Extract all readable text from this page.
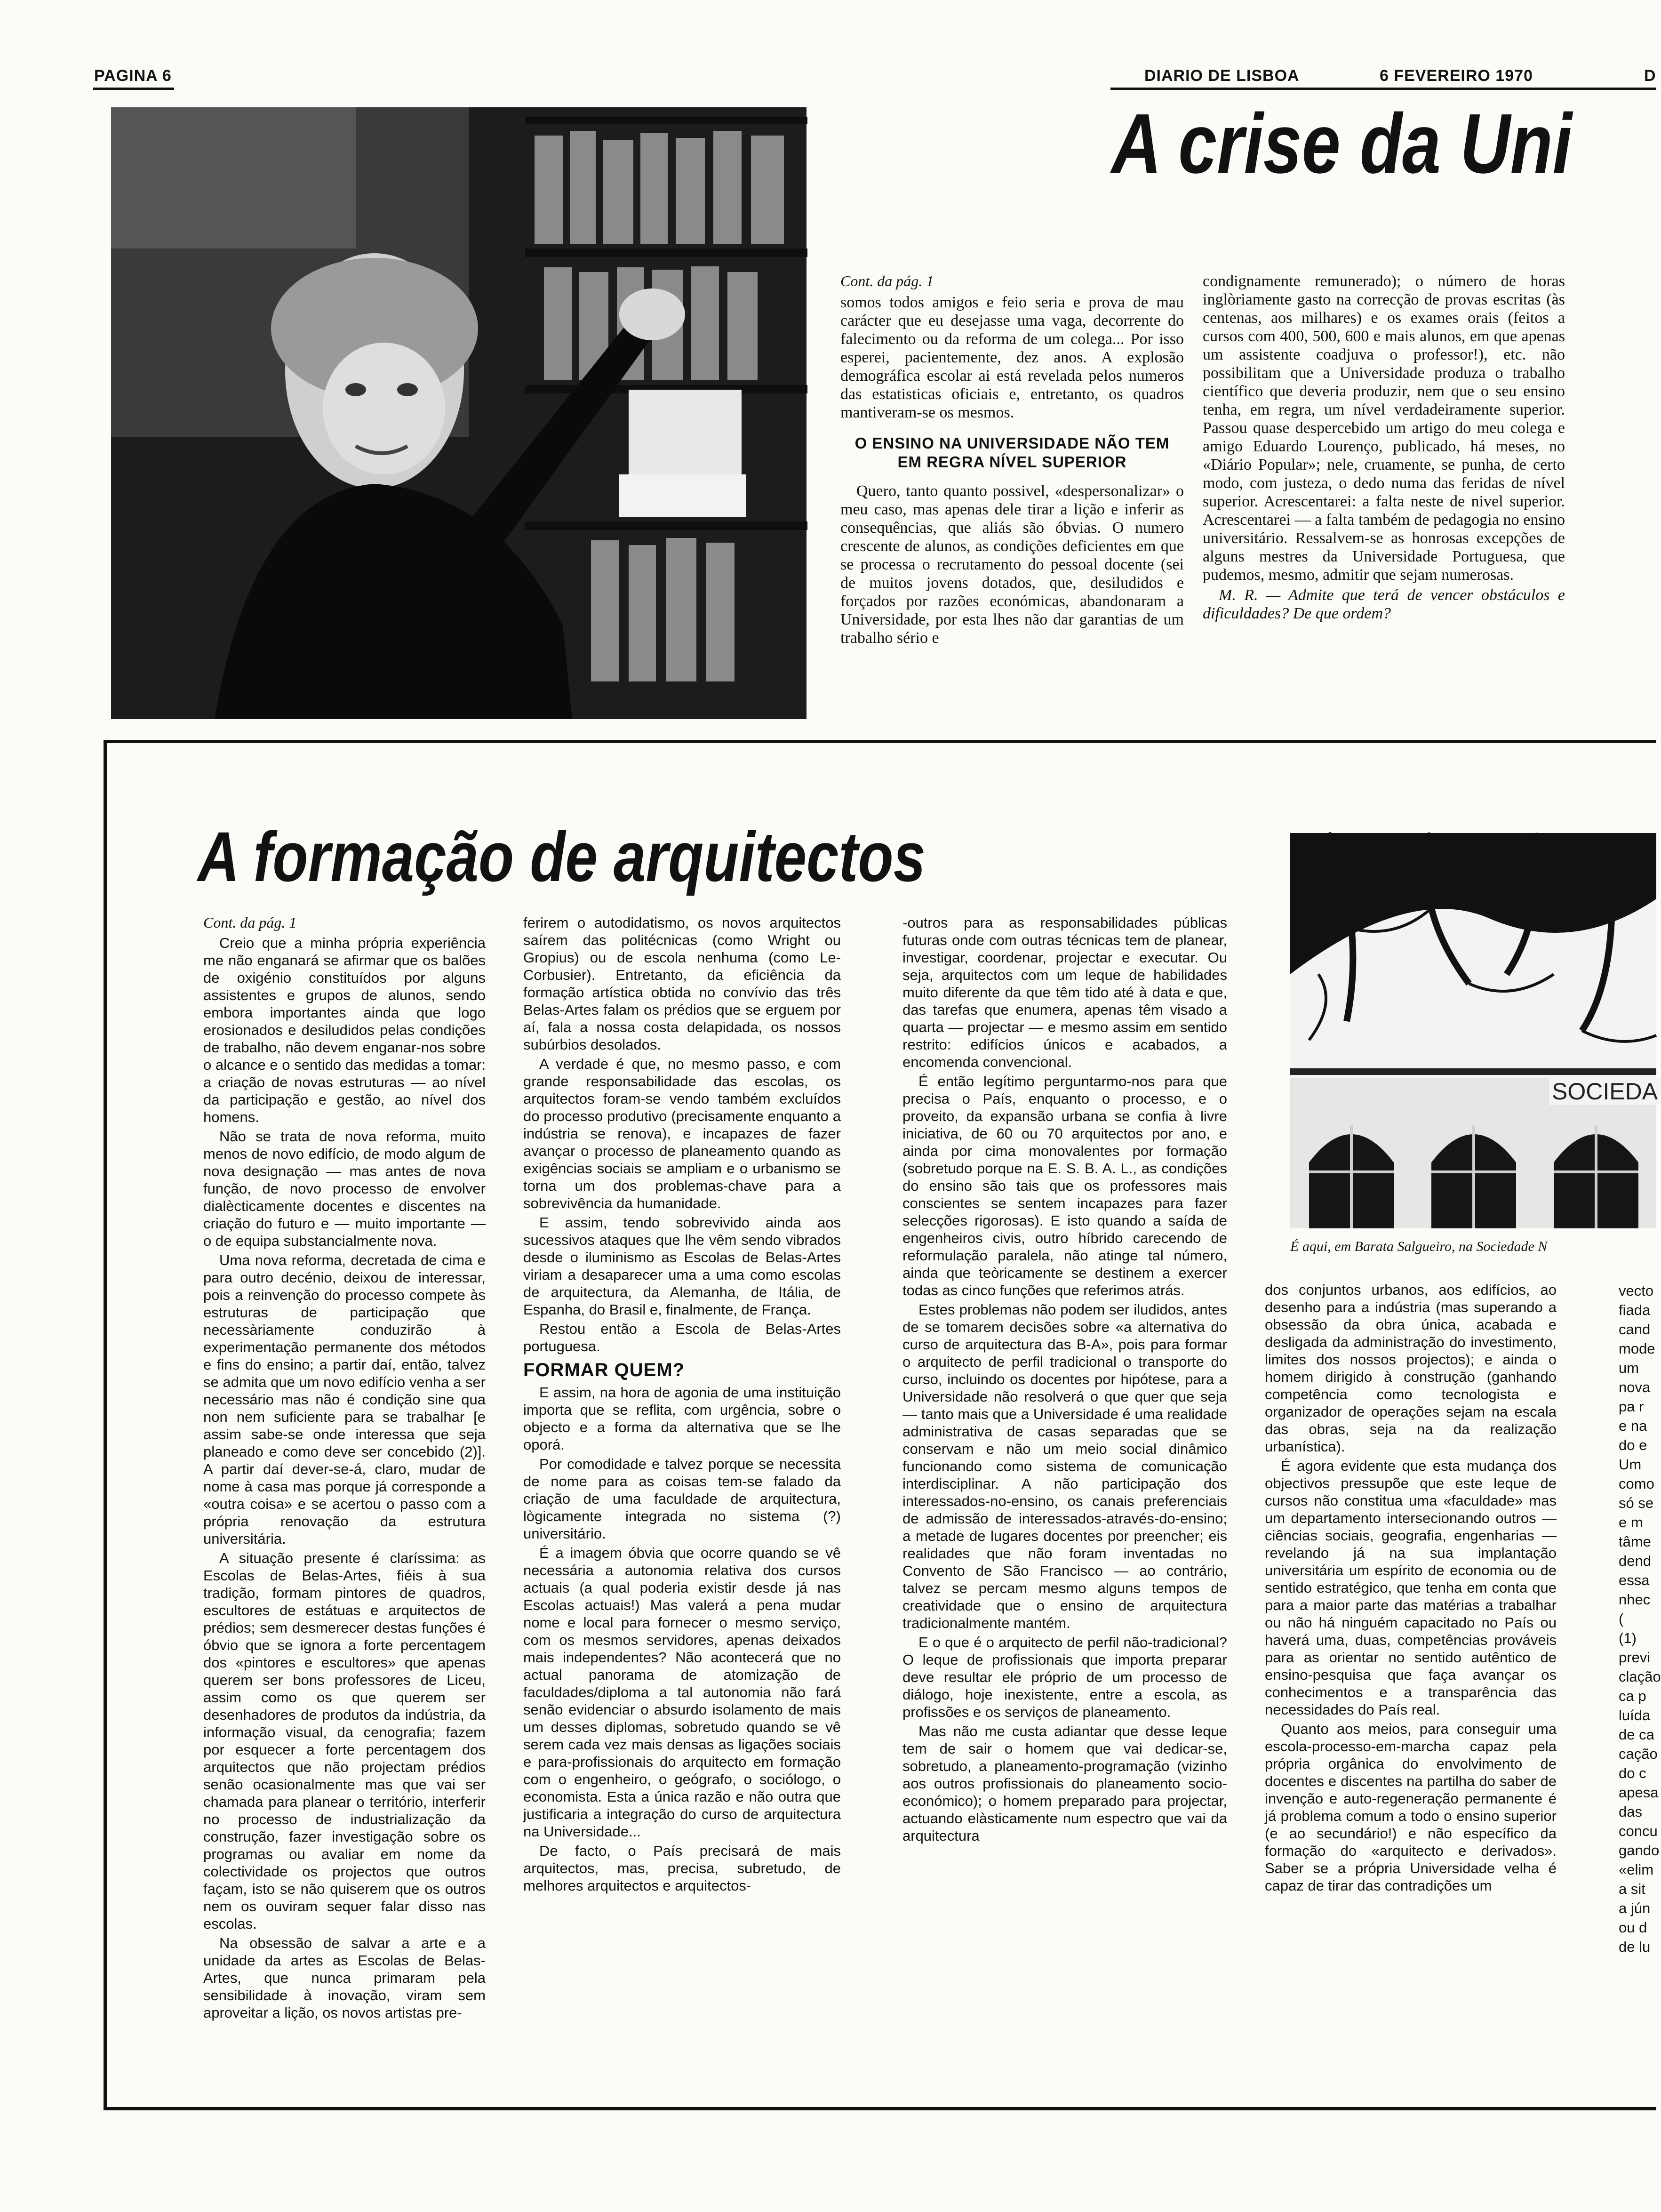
PAGINA 6	DIARIO DE LISBOA	6 FEVEREIRO 1970	D
A crise da Uni

Cont. da pág. 1

somos todos amigos e feio seria e prova de mau carácter que eu desejasse uma vaga, decorrente do falecimento ou da reforma de um colega... Por isso esperei, pacientemente, dez anos. A explosão demográfica escolar ai está revelada pelos numeros das estatisticas oficiais e, entretanto, os quadros mantiveram-se os mesmos.

O ENSINO NA UNIVERSIDADE NÃO TEM EM REGRA NÍVEL SUPERIOR

Quero, tanto quanto possivel, «despersonalizar» o meu caso, mas apenas dele tirar a lição e inferir as consequências, que aliás são óbvias. O numero crescente de alunos, as condições deficientes em que se processa o recrutamento do pessoal docente (sei de muitos jovens dotados, que, desiludidos e forçados por razões económicas, abandonaram a Universidade, por esta lhes não dar garantias de um trabalho sério e

condignamente remunerado); o número de horas inglòriamente gasto na correcção de provas escritas (às centenas, aos milhares) e os exames orais (feitos a cursos com 400, 500, 600 e mais alunos, em que apenas um assistente coadjuva o professor!), etc. não possibilitam que a Universidade produza o trabalho científico que deveria produzir, nem que o seu ensino tenha, em regra, um nível verdadeiramente superior. Passou quase despercebido um artigo do meu colega e amigo Eduardo Lourenço, publicado, há meses, no «Diário Popular»; nele, cruamente, se punha, de certo modo, com justeza, o dedo numa das feridas de nível superior. Acrescentarei: a falta neste de nivel superior. Acrescentarei — a falta também de pedagogia no ensino universitário. Ressalvem-se as honrosas excepções de alguns mestres da Universidade Portuguesa, que pudemos, mesmo, admitir que sejam numerosas.

M. R. — Admite que terá de vencer obstáculos e dificuldades? De que ordem?

A formação de arquitectos

Cont. da pág. 1

Creio que a minha própria experiência me não enganará se afirmar que os balões de oxigénio constituídos por alguns assistentes e grupos de alunos, sendo embora importantes ainda que logo erosionados e desiludidos pelas condições de trabalho, não devem enganar-nos sobre o alcance e o sentido das medidas a tomar: a criação de novas estruturas — ao nível da participação e gestão, ao nível dos homens.

Não se trata de nova reforma, muito menos de novo edifício, de modo algum de nova designação — mas antes de nova função, de novo processo de envolver dialècticamente docentes e discentes na criação do futuro e — muito importante — o de equipa substancialmente nova.

Uma nova reforma, decretada de cima e para outro decénio, deixou de interessar, pois a reinvenção do processo compete às estruturas de participação que necessàriamente conduzirão à experimentação permanente dos métodos e fins do ensino; a partir daí, então, talvez se admita que um novo edifício venha a ser necessário mas não é condição sine qua non nem suficiente para se trabalhar [e assim sabe-se onde interessa que seja planeado e como deve ser concebido (2)]. A partir daí dever-se-á, claro, mudar de nome à casa mas porque já corresponde a «outra coisa» e se acertou o passo com a própria renovação da estrutura universitária.

A situação presente é claríssima: as Escolas de Belas-Artes, fiéis à sua tradição, formam pintores de quadros, escultores de estátuas e arquitectos de prédios; sem desmerecer destas funções é óbvio que se ignora a forte percentagem dos «pintores e escultores» que apenas querem ser bons professores de Liceu, assim como os que querem ser desenhadores de produtos da indústria, da informação visual, da cenografia; fazem por esquecer a forte percentagem dos arquitectos que não projectam prédios senão ocasionalmente mas que vai ser chamada para planear o território, interferir no processo de industrialização da construção, fazer investigação sobre os programas ou avaliar em nome da colectividade os projectos que outros façam, isto se não quiserem que os outros nem os ouviram sequer falar disso nas escolas.

Na obsessão de salvar a arte e a unidade da artes as Escolas de Belas-Artes, que nunca primaram pela sensibilidade à inovação, viram sem aproveitar a lição, os novos artistas pre-

ferirem o autodidatismo, os novos arquitectos saírem das politécnicas (como Wright ou Gropius) ou de escola nenhuma (como Le-Corbusier). Entretanto, da eficiência da formação artística obtida no convívio das três Belas-Artes falam os prédios que se erguem por aí, fala a nossa costa delapidada, os nossos subúrbios desolados.

A verdade é que, no mesmo passo, e com grande responsabilidade das escolas, os arquitectos foram-se vendo também excluídos do processo produtivo (precisamente enquanto a indústria se renova), e incapazes de fazer avançar o processo de planeamento quando as exigências sociais se ampliam e o urbanismo se torna um dos problemas-chave para a sobrevivência da humanidade.

E assim, tendo sobrevivido ainda aos sucessivos ataques que lhe vêm sendo vibrados desde o iluminismo as Escolas de Belas-Artes viriam a desaparecer uma a uma como escolas de arquitectura, da Alemanha, de Itália, de Espanha, do Brasil e, finalmente, de França.

Restou então a Escola de Belas-Artes portuguesa.

FORMAR QUEM?

E assim, na hora de agonia de uma instituição importa que se reflita, com urgência, sobre o objecto e a forma da alternativa que se lhe oporá.

Por comodidade e talvez porque se necessita de nome para as coisas tem-se falado da criação de uma faculdade de arquitectura, lògicamente integrada no sistema (?) universitário.

É a imagem óbvia que ocorre quando se vê necessária a autonomia relativa dos cursos actuais (a qual poderia existir desde já nas Escolas actuais!) Mas valerá a pena mudar nome e local para fornecer o mesmo serviço, com os mesmos servidores, apenas deixados mais independentes? Não acontecerá que no actual panorama de atomização de faculdades/diploma a tal autonomia não fará senão evidenciar o absurdo isolamento de mais um desses diplomas, sobretudo quando se vê serem cada vez mais densas as ligações sociais e para-profissionais do arquitecto em formação com o engenheiro, o geógrafo, o sociólogo, o economista. Esta a única razão e não outra que justificaria a integração do curso de arquitectura na Universidade...

De facto, o País precisará de mais arquitectos, mas, precisa, subretudo, de melhores arquitectos e arquitectos-

-outros para as responsabilidades públicas futuras onde com outras técnicas tem de planear, investigar, coordenar, projectar e executar. Ou seja, arquitectos com um leque de habilidades muito diferente da que têm tido até à data e que, das tarefas que enumera, apenas têm visado a quarta — projectar — e mesmo assim em sentido restrito: edifícios únicos e acabados, a encomenda convencional.

É então legítimo perguntarmo-nos para que precisa o País, enquanto o processo, e o proveito, da expansão urbana se confia à livre iniciativa, de 60 ou 70 arquitectos por ano, e ainda por cima monovalentes por formação (sobretudo porque na E. S. B. A. L., as condições do ensino são tais que os professores mais conscientes se sentem incapazes para fazer selecções rigorosas). E isto quando a saída de engenheiros civis, outro híbrido carecendo de reformulação paralela, não atinge tal número, ainda que teòricamente se destinem a exercer todas as cinco funções que referimos atrás.

Estes problemas não podem ser iludidos, antes de se tomarem decisões sobre «a alternativa do curso de arquitectura das B-A», pois para formar o arquitecto de perfil tradicional o transporte do curso, incluindo os docentes por hipótese, para a Universidade não resolverá o que quer que seja — tanto mais que a Universidade é uma realidade administrativa de casas separadas que se conservam e não um meio social dinâmico funcionando como sistema de comunicação interdisciplinar. A não participação dos interessados-no-ensino, os canais preferenciais de admissão de interessados-através-do-ensino; a metade de lugares docentes por preencher; eis realidades que não foram inventadas no Convento de São Francisco — ao contrário, talvez se percam mesmo alguns tempos de creatividade que o ensino de arquitectura tradicionalmente mantém.

E o que é o arquitecto de perfil não-tradicional? O leque de profissionais que importa preparar deve resultar ele próprio de um processo de diálogo, hoje inexistente, entre a escola, as profissões e os serviços de planeamento.

Mas não me custa adiantar que desse leque tem de sair o homem que vai dedicar-se, sobretudo, a planeamento-programação (vizinho aos outros profissionais do planeamento socio-económico); o homem preparado para projectar, actuando elàsticamente num espectro que vai da arquitectura

SOCIEDA
É aqui, em Barata Salgueiro, na Sociedade N

dos conjuntos urbanos, aos edifícios, ao desenho para a indústria (mas superando a obsessão da obra única, acabada e desligada da administração do investimento, limites dos nossos projectos); e ainda o homem dirigido à construção (ganhando competência como tecnologista e organizador de operações sejam na escala das obras, seja na da realização urbanística).

É agora evidente que esta mudança dos objectivos pressupõe que este leque de cursos não constitua uma «faculdade» mas um departamento intersecionando outros — ciências sociais, geografia, engenharias — revelando já na sua implantação universitária um espírito de economia ou de sentido estratégico, que tenha em conta que para a maior parte das matérias a trabalhar ou não há ninguém capacitado no País ou haverá uma, duas, competências prováveis para as orientar no sentido autêntico de ensino-pesquisa que faça avançar os conhecimentos e a transparência das necessidades do País real.

Quanto aos meios, para conseguir uma escola-processo-em-marcha capaz pela própria orgânica do envolvimento de docentes e discentes na partilha do saber de invenção e auto-regeneração permanente é já problema comum a todo o ensino superior (e ao secundário!) e não específico da formação do «arquitecto e derivados». Saber se a própria Universidade velha é capaz de tirar das contradições um

vecto
fiada
cand
mode
um
nova
pa r
e na
do e
Um
como
só se
e m
tâme
dend
essa
nhec
(
(1)
previ
clação
ca p
luída
de ca
cação
do c
apesa
das
concu
gando
«elim
a sit
a jún
ou d
de lu
